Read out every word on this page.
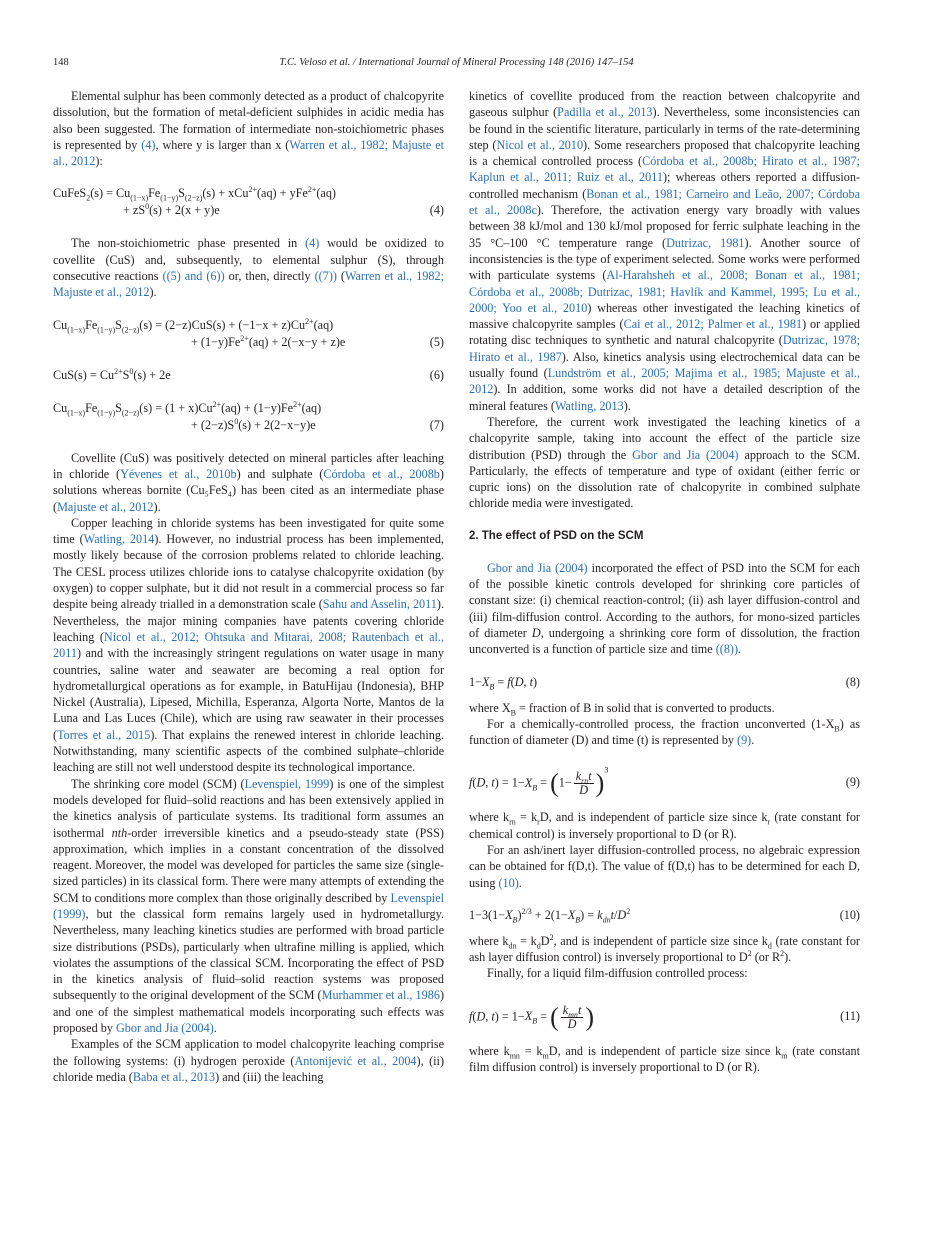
148	T.C. Veloso et al. / International Journal of Mineral Processing 148 (2016) 147–154

Elemental sulphur has been commonly detected as a product of chalcopyrite dissolution, but the formation of metal-deficient sulphides in acidic media has also been suggested. The formation of intermediate non-stoichiometric phases is represented by (4), where y is larger than x (Warren et al., 1982; Majuste et al., 2012):

CuFeS$_2$(s) = $Cu_{(1-x)}Fe_{(1-y)}S_{(2-z)}(s) + xCu^{2+}(aq) + yFe^{2+}(aq)$
+ $zS^0(s) + 2(x + y)e$	(4)

The non-stoichiometric phase presented in (4) would be oxidized to covellite (CuS) and, subsequently, to elemental sulphur (S), through consecutive reactions ((5) and (6)) or, then, directly ((7)) (Warren et al., 1982; Majuste et al., 2012).

$Cu_{(1-x)}Fe_{(1-y)}S_{(2-z)}(s) = (2-z)CuS(s) + (-1-x + z)Cu^{2+}(aq)$
+ $(1-y)Fe^{2+}(aq) + 2(-x-y + z)e$	(5)
$CuS(s) = Cu^{2+}S^0(s) + 2e$	(6)
$Cu_{(1-x)}Fe_{(1-y)}S_{(2-z)}(s) = (1 + x)Cu^{2+}(aq) + (1-y)Fe^{2+}(aq)$
+ $(2-z)S^0(s) + 2(2-x-y)e$	(7)

Covellite (CuS) was positively detected on mineral particles after leaching in chloride (Yévenes et al., 2010b) and sulphate (Córdoba et al., 2008b) solutions whereas bornite (Cu₅FeS₄) has been cited as an intermediate phase (Majuste et al., 2012).

Copper leaching in chloride systems has been investigated for quite some time (Watling, 2014). However, no industrial process has been implemented, mostly likely because of the corrosion problems related to chloride leaching. The CESL process utilizes chloride ions to catalyse chalcopyrite oxidation (by oxygen) to copper sulphate, but it did not result in a commercial process so far despite being already trialled in a demonstration scale (Sahu and Asselin, 2011). Nevertheless, the major mining companies have patents covering chloride leaching (Nicol et al., 2012; Ohtsuka and Mitarai, 2008; Rautenbach et al., 2011) and with the increasingly stringent regulations on water usage in many countries, saline water and seawater are becoming a real option for hydrometallurgical operations as for example, in BatuHijau (Indonesia), BHP Nickel (Australia), Lipesed, Michilla, Esperanza, Algorta Norte, Mantos de la Luna and Las Luces (Chile), which are using raw seawater in their processes (Torres et al., 2015). That explains the renewed interest in chloride leaching. Notwithstanding, many scientific aspects of the combined sulphate–chloride leaching are still not well understood despite its technological importance.

The shrinking core model (SCM) (Levenspiel, 1999) is one of the simplest models developed for fluid–solid reactions and has been extensively applied in the kinetics analysis of particulate systems. Its traditional form assumes an isothermal nth-order irreversible kinetics and a pseudo-steady state (PSS) approximation, which implies in a constant concentration of the dissolved reagent. Moreover, the model was developed for particles the same size (single-sized particles) in its classical form. There were many attempts of extending the SCM to conditions more complex than those originally described by Levenspiel (1999), but the classical form remains largely used in hydrometallurgy. Nevertheless, many leaching kinetics studies are performed with broad particle size distributions (PSDs), particularly when ultrafine milling is applied, which violates the assumptions of the classical SCM. Incorporating the effect of PSD in the kinetics analysis of fluid–solid reaction systems was proposed subsequently to the original development of the SCM (Murhammer et al., 1986) and one of the simplest mathematical models incorporating such effects was proposed by Gbor and Jia (2004).

Examples of the SCM application to model chalcopyrite leaching comprise the following systems: (i) hydrogen peroxide (Antonijević et al., 2004), (ii) chloride media (Baba et al., 2013) and (iii) the leaching

kinetics of covellite produced from the reaction between chalcopyrite and gaseous sulphur (Padilla et al., 2013). Nevertheless, some inconsistencies can be found in the scientific literature, particularly in terms of the rate-determining step (Nicol et al., 2010). Some researchers proposed that chalcopyrite leaching is a chemical controlled process (Córdoba et al., 2008b; Hirato et al., 1987; Kaplun et al., 2011; Ruiz et al., 2011); whereas others reported a diffusion-controlled mechanism (Bonan et al., 1981; Carneiro and Leão, 2007; Córdoba et al., 2008c). Therefore, the activation energy vary broadly with values between 38 kJ/mol and 130 kJ/mol proposed for ferric sulphate leaching in the 35 °C–100 °C temperature range (Dutrizac, 1981). Another source of inconsistencies is the type of experiment selected. Some works were performed with particulate systems (Al-Harahsheh et al., 2008; Bonan et al., 1981; Córdoba et al., 2008b; Dutrizac, 1981; Havlík and Kammel, 1995; Lu et al., 2000; Yoo et al., 2010) whereas other investigated the leaching kinetics of massive chalcopyrite samples (Cai et al., 2012; Palmer et al., 1981) or applied rotating disc techniques to synthetic and natural chalcopyrite (Dutrizac, 1978; Hirato et al., 1987). Also, kinetics analysis using electrochemical data can be usually found (Lundström et al., 2005; Majima et al., 1985; Majuste et al., 2012). In addition, some works did not have a detailed description of the mineral features (Watling, 2013).

Therefore, the current work investigated the leaching kinetics of a chalcopyrite sample, taking into account the effect of the particle size distribution (PSD) through the Gbor and Jia (2004) approach to the SCM. Particularly, the effects of temperature and type of oxidant (either ferric or cupric ions) on the dissolution rate of chalcopyrite in combined sulphate chloride media were investigated.

2. The effect of PSD on the SCM

Gbor and Jia (2004) incorporated the effect of PSD into the SCM for each of the possible kinetic controls developed for shrinking core particles of constant size: (i) chemical reaction-control; (ii) ash layer diffusion-control and (iii) film-diffusion control. According to the authors, for mono-sized particles of diameter D, undergoing a shrinking core form of dissolution, the fraction unconverted is a function of particle size and time ((8)).

$1-X_B = f(D$, t)	(8)

where $X_B$ = fraction of B in solid that is converted to products.

For a chemically-controlled process, the fraction unconverted $(1-X_B)$ as function of diameter (D) and time (t) is represented by (9).

f(D, $t) = 1-X_B = (1- \frac{k_{rn}t}{D} )^3$
(9)

where $k_{rn} = k_rD$, and is independent of particle size since $k_r$ (rate constant for chemical control) is inversely proportional to D (or R).

For an ash/inert layer diffusion-controlled process, no algebraic expression can be obtained for f(D,t). The value of f(D,t) has to be determined for each D, using (10).

$1-3(1-X_B)^{2/3} + 2(1-X_B) = k_{dn}t/D^2$	(10)

where $k_{dn} = k_dD^2$, and is independent of particle size since $k_d$ (rate constant for ash layer diffusion control) is inversely proportional to $D^2$ (or $R^2$).

Finally, for a liquid film-diffusion controlled process:

f(D, $t) = 1-X_B$ = ( $\frac{k_{mn}t}{D}$ )	(11)

where $k_{mn} = k_mD$, and is independent of particle size since $k_m$ (rate constant film diffusion control) is inversely proportional to D (or R).
